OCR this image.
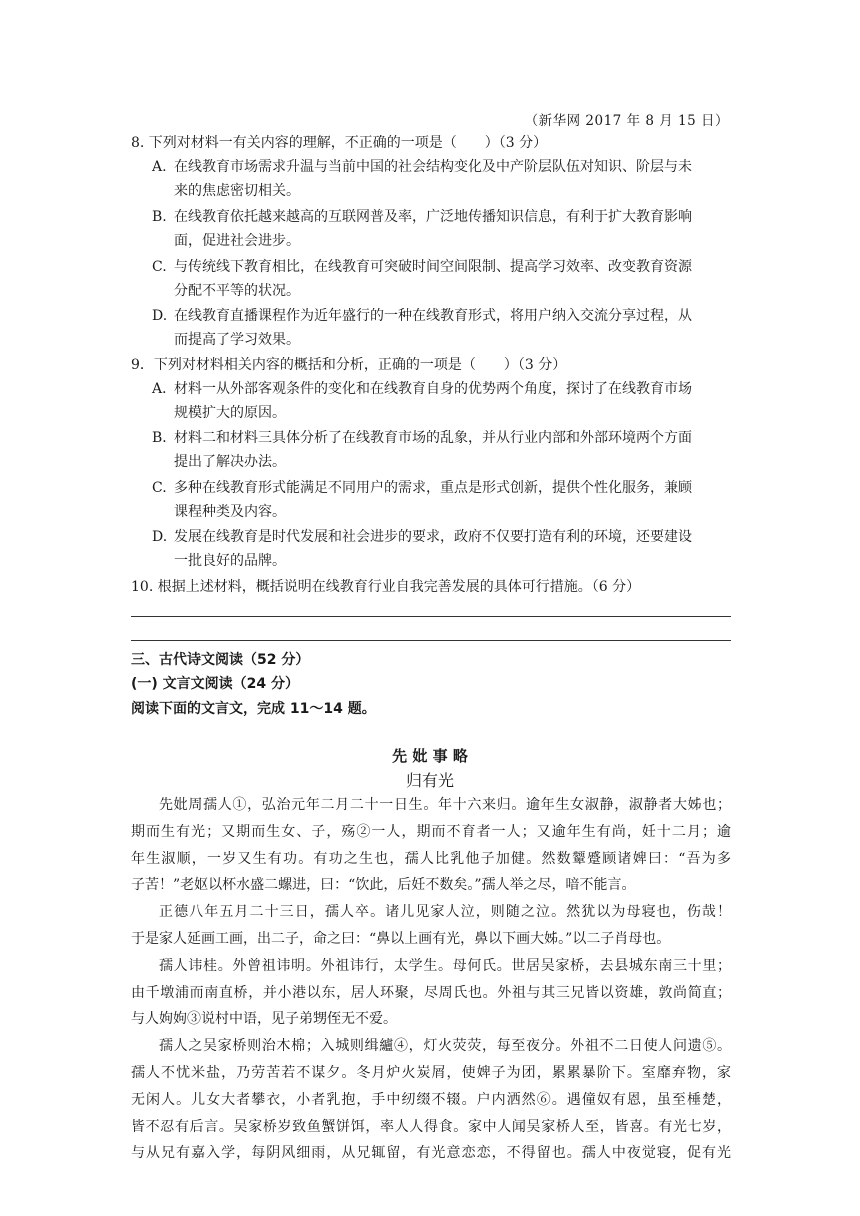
（新华网 2017 年 8 月 15 日）
8. 下列对材料一有关内容的理解，不正确的一项是（　　）（3 分）
A. 在线教育市场需求升温与当前中国的社会结构变化及中产阶层队伍对知识、阶层与未
来的焦虑密切相关。
B. 在线教育依托越来越高的互联网普及率，广泛地传播知识信息，有利于扩大教育影响
面，促进社会进步。
C. 与传统线下教育相比，在线教育可突破时间空间限制、提高学习效率、改变教育资源
分配不平等的状况。
D. 在线教育直播课程作为近年盛行的一种在线教育形式，将用户纳入交流分享过程，从
而提高了学习效果。
9．下列对材料相关内容的概括和分析，正确的一项是（　　）（3 分）
A．材料一从外部客观条件的变化和在线教育自身的优势两个角度，探讨了在线教育市场
规模扩大的原因。
B．材料二和材料三具体分析了在线教育市场的乱象，并从行业内部和外部环境两个方面
提出了解决办法。
C. 多种在线教育形式能满足不同用户的需求，重点是形式创新，提供个性化服务，兼顾
课程种类及内容。
D. 发展在线教育是时代发展和社会进步的要求，政府不仅要打造有利的环境，还要建设
一批良好的品牌。
10. 根据上述材料，概括说明在线教育行业自我完善发展的具体可行措施。（6 分）
三、古代诗文阅读（52 分）
(一) 文言文阅读（24 分）
阅读下面的文言文，完成 11～14 题。
先 妣 事 略
归有光

先妣周孺人①，弘治元年二月二十一日生。年十六来归。逾年生女淑静，淑静者大姊也；

期而生有光；又期而生女、子，殇②一人，期而不育者一人；又逾年生有尚，妊十二月；逾

年生淑顺，一岁又生有功。有功之生也，孺人比乳他子加健。然数颦蹙顾诸婢曰：“吾为多

子苦！”老妪以杯水盛二螺进，曰：“饮此，后妊不数矣。”孺人举之尽，喑不能言。

正德八年五月二十三日，孺人卒。诸儿见家人泣，则随之泣。然犹以为母寝也，伤哉！

于是家人延画工画，出二子，命之曰：“鼻以上画有光，鼻以下画大姊。”以二子肖母也。

孺人讳桂。外曾祖讳明。外祖讳行，太学生。母何氏。世居吴家桥，去县城东南三十里；

由千墩浦而南直桥，并小港以东，居人环聚，尽周氏也。外祖与其三兄皆以资雄，敦尚简直；

与人姁姁③说村中语，见子弟甥侄无不爱。

孺人之吴家桥则治木棉；入城则缉纑④，灯火荧荧，每至夜分。外祖不二日使人问遗⑤。

孺人不忧米盐，乃劳苦若不谋夕。冬月炉火炭屑，使婢子为团，累累暴阶下。室靡弃物，家

无闲人。儿女大者攀衣，小者乳抱，手中纫缀不辍。户内洒然⑥。遇僮奴有恩，虽至棰楚，

皆不忍有后言。吴家桥岁致鱼蟹饼饵，率人人得食。家中人闻吴家桥人至，皆喜。有光七岁，

与从兄有嘉入学，每阴风细雨，从兄辄留，有光意恋恋，不得留也。孺人中夜觉寝，促有光
